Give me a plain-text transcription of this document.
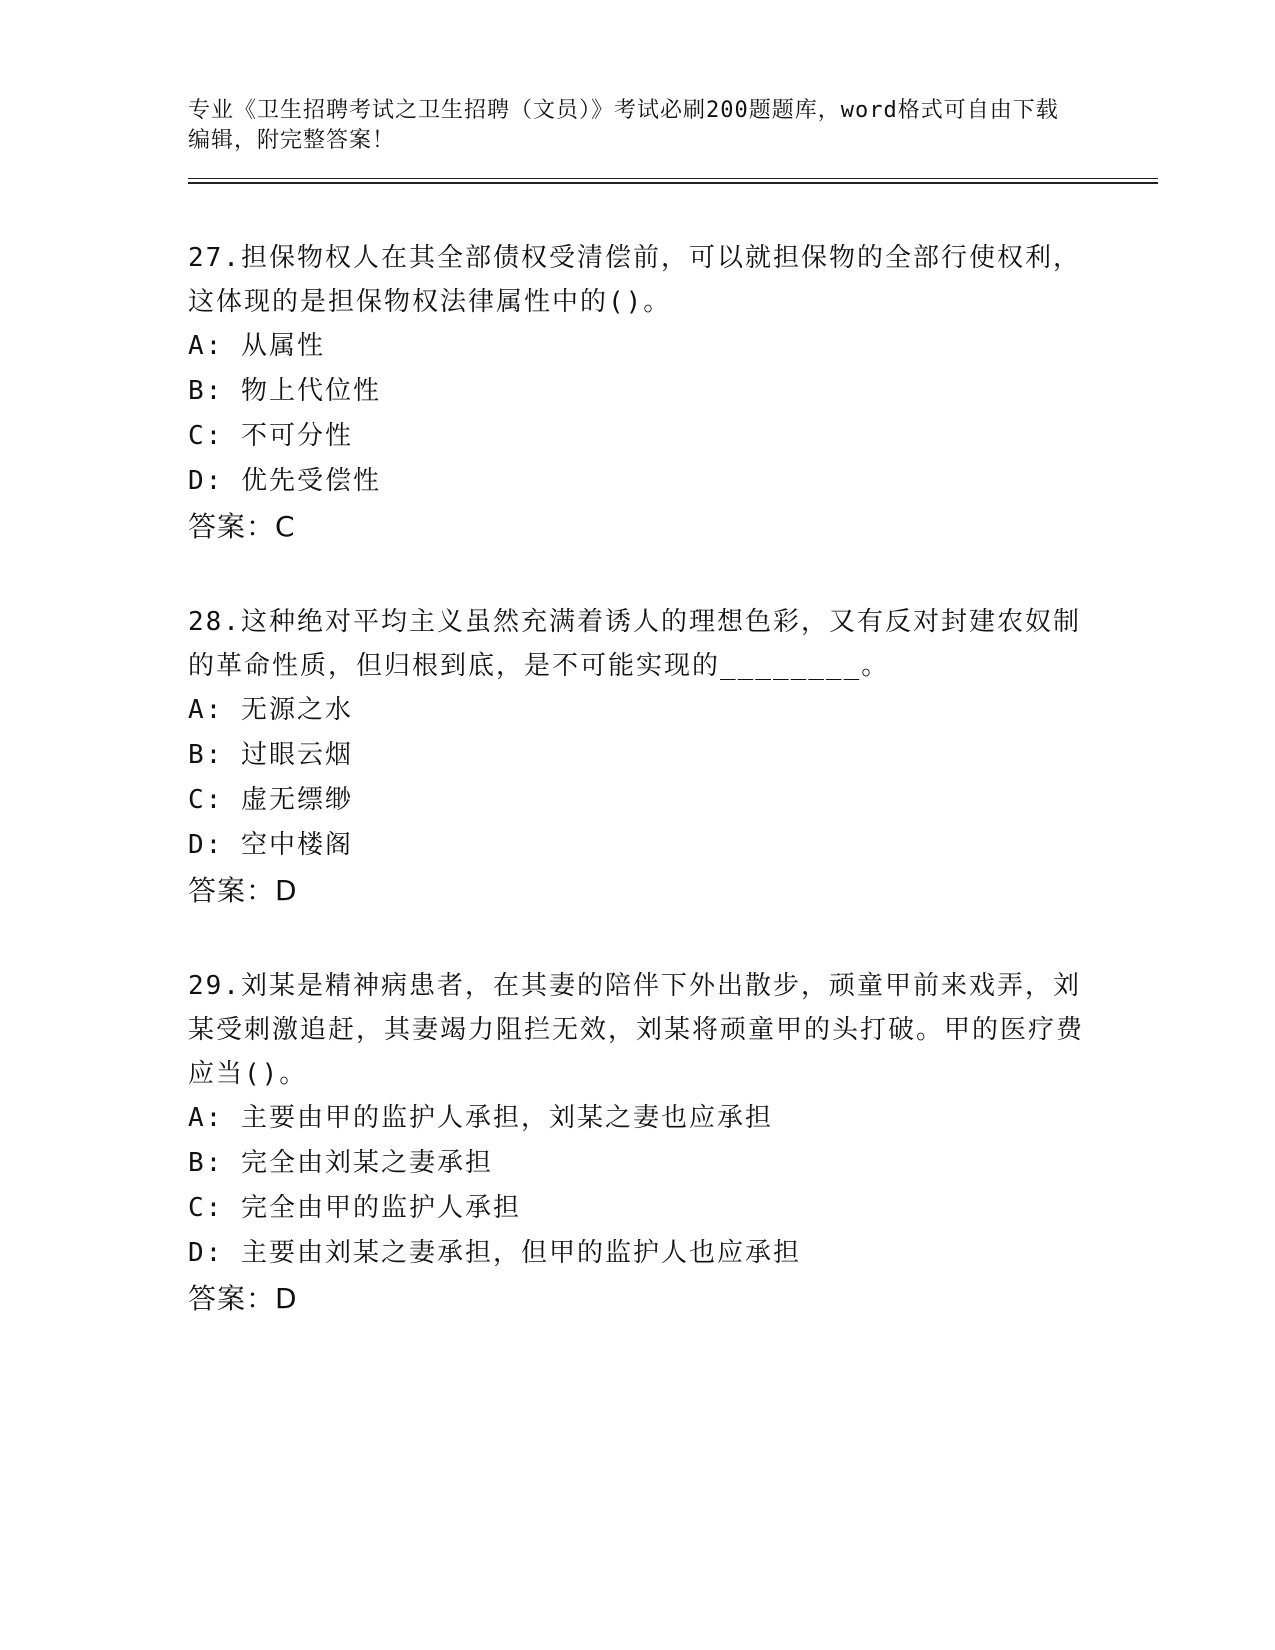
专业《卫生招聘考试之卫生招聘（文员）》考试必刷200题题库，word格式可自由下载编辑，附完整答案！

27.担保物权人在其全部债权受清偿前，可以就担保物的全部行使权利，这体现的是担保物权法律属性中的()。

A: 从属性

B: 物上代位性

C: 不可分性

D: 优先受偿性

答案：C

28.这种绝对平均主义虽然充满着诱人的理想色彩，又有反对封建农奴制的革命性质，但归根到底，是不可能实现的________。

A: 无源之水

B: 过眼云烟

C: 虚无缥缈

D: 空中楼阁

答案：D

29.刘某是精神病患者，在其妻的陪伴下外出散步，顽童甲前来戏弄，刘某受刺激追赶，其妻竭力阻拦无效，刘某将顽童甲的头打破。甲的医疗费应当()。

A: 主要由甲的监护人承担，刘某之妻也应承担

B: 完全由刘某之妻承担

C: 完全由甲的监护人承担

D: 主要由刘某之妻承担，但甲的监护人也应承担

答案：D
